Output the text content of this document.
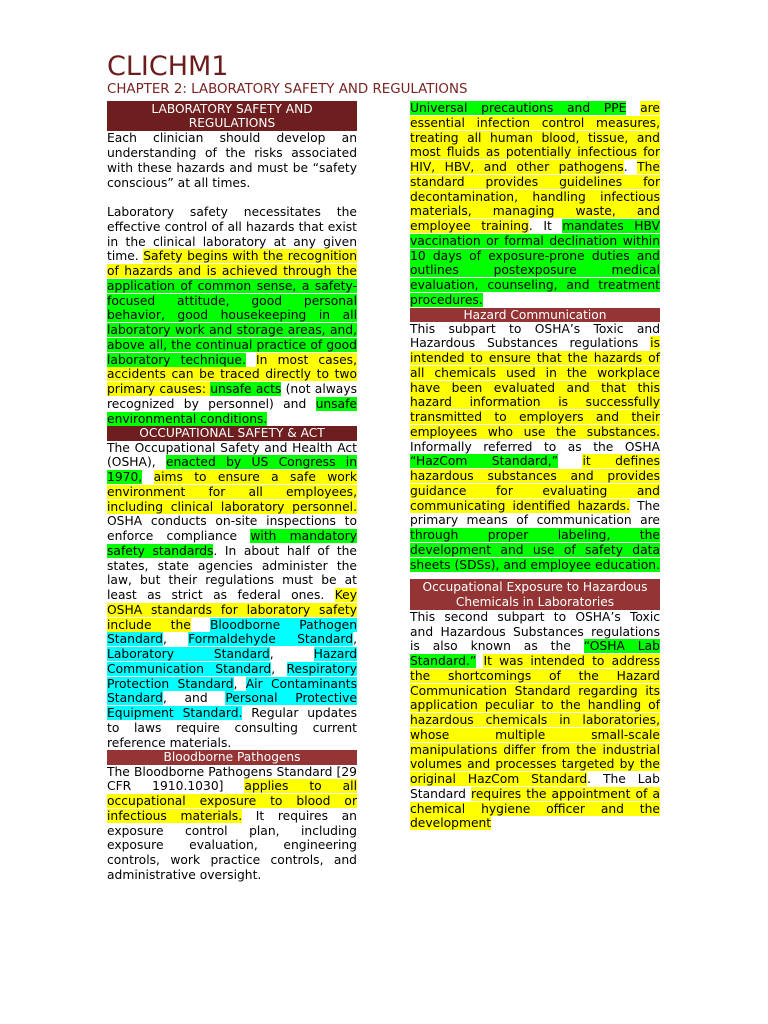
CLICHM1
CHAPTER 2: LABORATORY SAFETY AND REGULATIONS
LABORATORY SAFETY AND REGULATIONS

Each clinician should develop an understanding of the risks associated with these hazards and must be “safety conscious” at all times.

Laboratory safety necessitates the effective control of all hazards that exist in the clinical laboratory at any given time. Safety begins with the recognition of hazards and is achieved through the application of common sense, a safety-focused attitude, good personal behavior, good housekeeping in all laboratory work and storage areas, and, above all, the continual practice of good laboratory technique. In most cases, accidents can be traced directly to two primary causes: unsafe acts (not always recognized by personnel) and unsafe environmental conditions.

OCCUPATIONAL SAFETY & ACT

The Occupational Safety and Health Act (OSHA), enacted by US Congress in 1970, aims to ensure a safe work environment for all employees, including clinical laboratory personnel. OSHA conducts on-site inspections to enforce compliance with mandatory safety standards. In about half of the states, state agencies administer the law, but their regulations must be at least as strict as federal ones. Key OSHA standards for laboratory safety include the Bloodborne Pathogen Standard, Formaldehyde Standard, Laboratory Standard, Hazard Communication Standard, Respiratory Protection Standard, Air Contaminants Standard, and Personal Protective Equipment Standard. Regular updates to laws require consulting current reference materials.

Bloodborne Pathogens

The Bloodborne Pathogens Standard [29 CFR 1910.1030] applies to all occupational exposure to blood or infectious materials. It requires an exposure control plan, including exposure evaluation, engineering controls, work practice controls, and administrative oversight.

Universal precautions and PPE are essential infection control measures, treating all human blood, tissue, and most fluids as potentially infectious for HIV, HBV, and other pathogens. The standard provides guidelines for decontamination, handling infectious materials, managing waste, and employee training. It mandates HBV vaccination or formal declination within 10 days of exposure-prone duties and outlines postexposure medical evaluation, counseling, and treatment procedures.

Hazard Communication

This subpart to OSHA’s Toxic and Hazardous Substances regulations is intended to ensure that the hazards of all chemicals used in the workplace have been evaluated and that this hazard information is successfully transmitted to employers and their employees who use the substances. Informally referred to as the OSHA “HazCom Standard,” it defines hazardous substances and provides guidance for evaluating and communicating identified hazards. The primary means of communication are through proper labeling, the development and use of safety data sheets (SDSs), and employee education.

Occupational Exposure to Hazardous Chemicals in Laboratories

This second subpart to OSHA’s Toxic and Hazardous Substances regulations is also known as the “OSHA Lab Standard.” It was intended to address the shortcomings of the Hazard Communication Standard regarding its application peculiar to the handling of hazardous chemicals in laboratories, whose multiple small-scale manipulations differ from the industrial volumes and processes targeted by the original HazCom Standard. The Lab Standard requires the appointment of a chemical hygiene officer and the development
